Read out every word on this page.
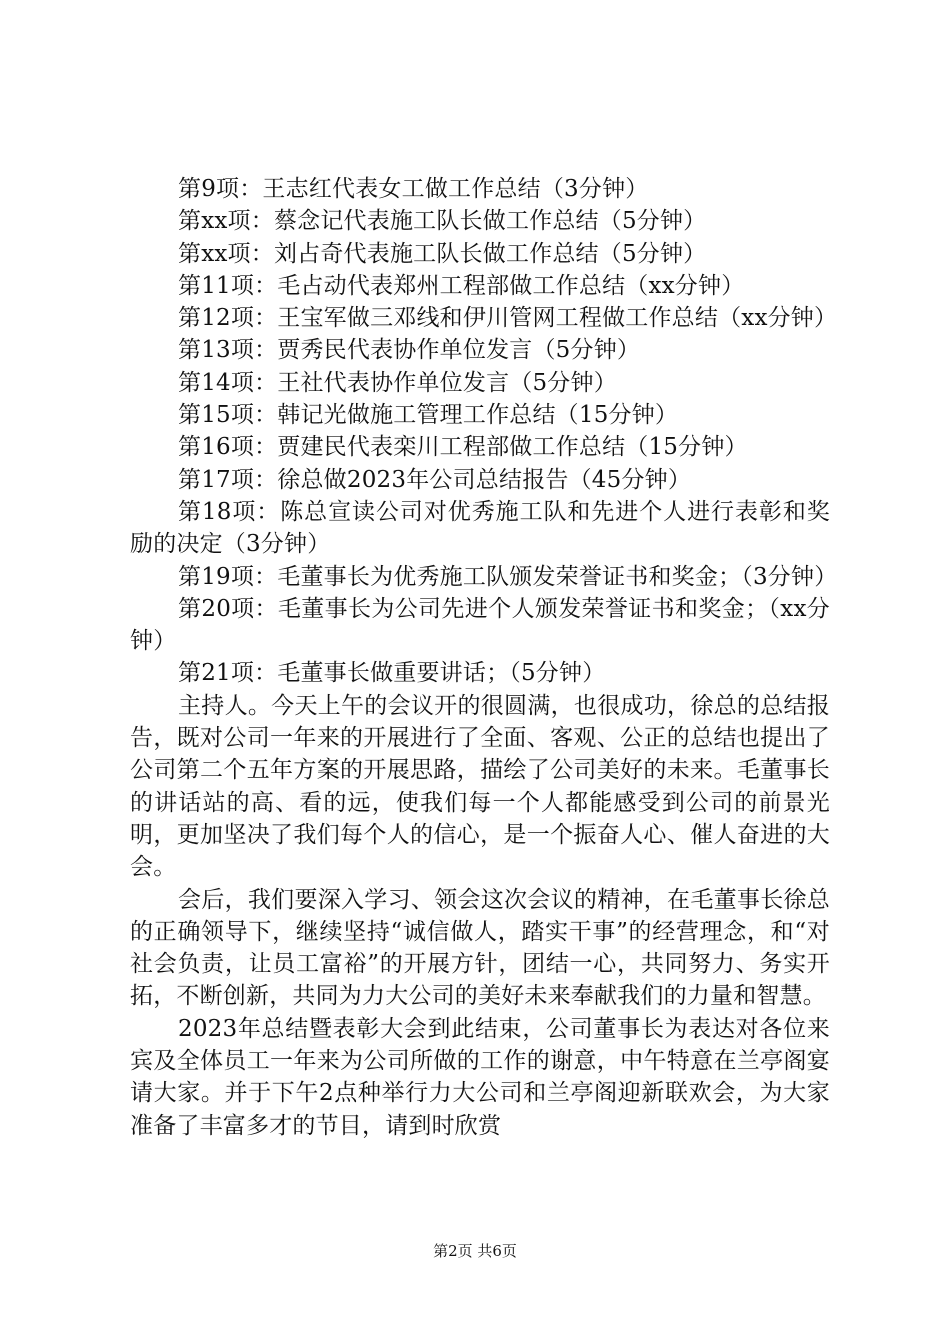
第9项：王志红代表女工做工作总结（3分钟）

第xx项：蔡念记代表施工队长做工作总结（5分钟）

第xx项：刘占奇代表施工队长做工作总结（5分钟）

第11项：毛占动代表郑州工程部做工作总结（xx分钟）

第12项：王宝军做三邓线和伊川管网工程做工作总结（xx分钟）

第13项：贾秀民代表协作单位发言（5分钟）

第14项：王社代表协作单位发言（5分钟）

第15项：韩记光做施工管理工作总结（15分钟）

第16项：贾建民代表栾川工程部做工作总结（15分钟）

第17项：徐总做2023年公司总结报告（45分钟）

第18项：陈总宣读公司对优秀施工队和先进个人进行表彰和奖励的决定（3分钟）

第19项：毛董事长为优秀施工队颁发荣誉证书和奖金；（3分钟）

第20项：毛董事长为公司先进个人颁发荣誉证书和奖金；（xx分钟）

第21项：毛董事长做重要讲话；（5分钟）

主持人。今天上午的会议开的很圆满，也很成功，徐总的总结报告，既对公司一年来的开展进行了全面、客观、公正的总结也提出了公司第二个五年方案的开展思路，描绘了公司美好的未来。毛董事长的讲话站的高、看的远，使我们每一个人都能感受到公司的前景光明，更加坚决了我们每个人的信心，是一个振奋人心、催人奋进的大会。

会后，我们要深入学习、领会这次会议的精神，在毛董事长徐总的正确领导下，继续坚持“诚信做人，踏实干事”的经营理念，和“对社会负责，让员工富裕”的开展方针，团结一心，共同努力、务实开拓，不断创新，共同为力大公司的美好未来奉献我们的力量和智慧。

2023年总结暨表彰大会到此结束，公司董事长为表达对各位来宾及全体员工一年来为公司所做的工作的谢意，中午特意在兰亭阁宴请大家。并于下午2点种举行力大公司和兰亭阁迎新联欢会，为大家准备了丰富多才的节目，请到时欣赏

第2页 共6页
